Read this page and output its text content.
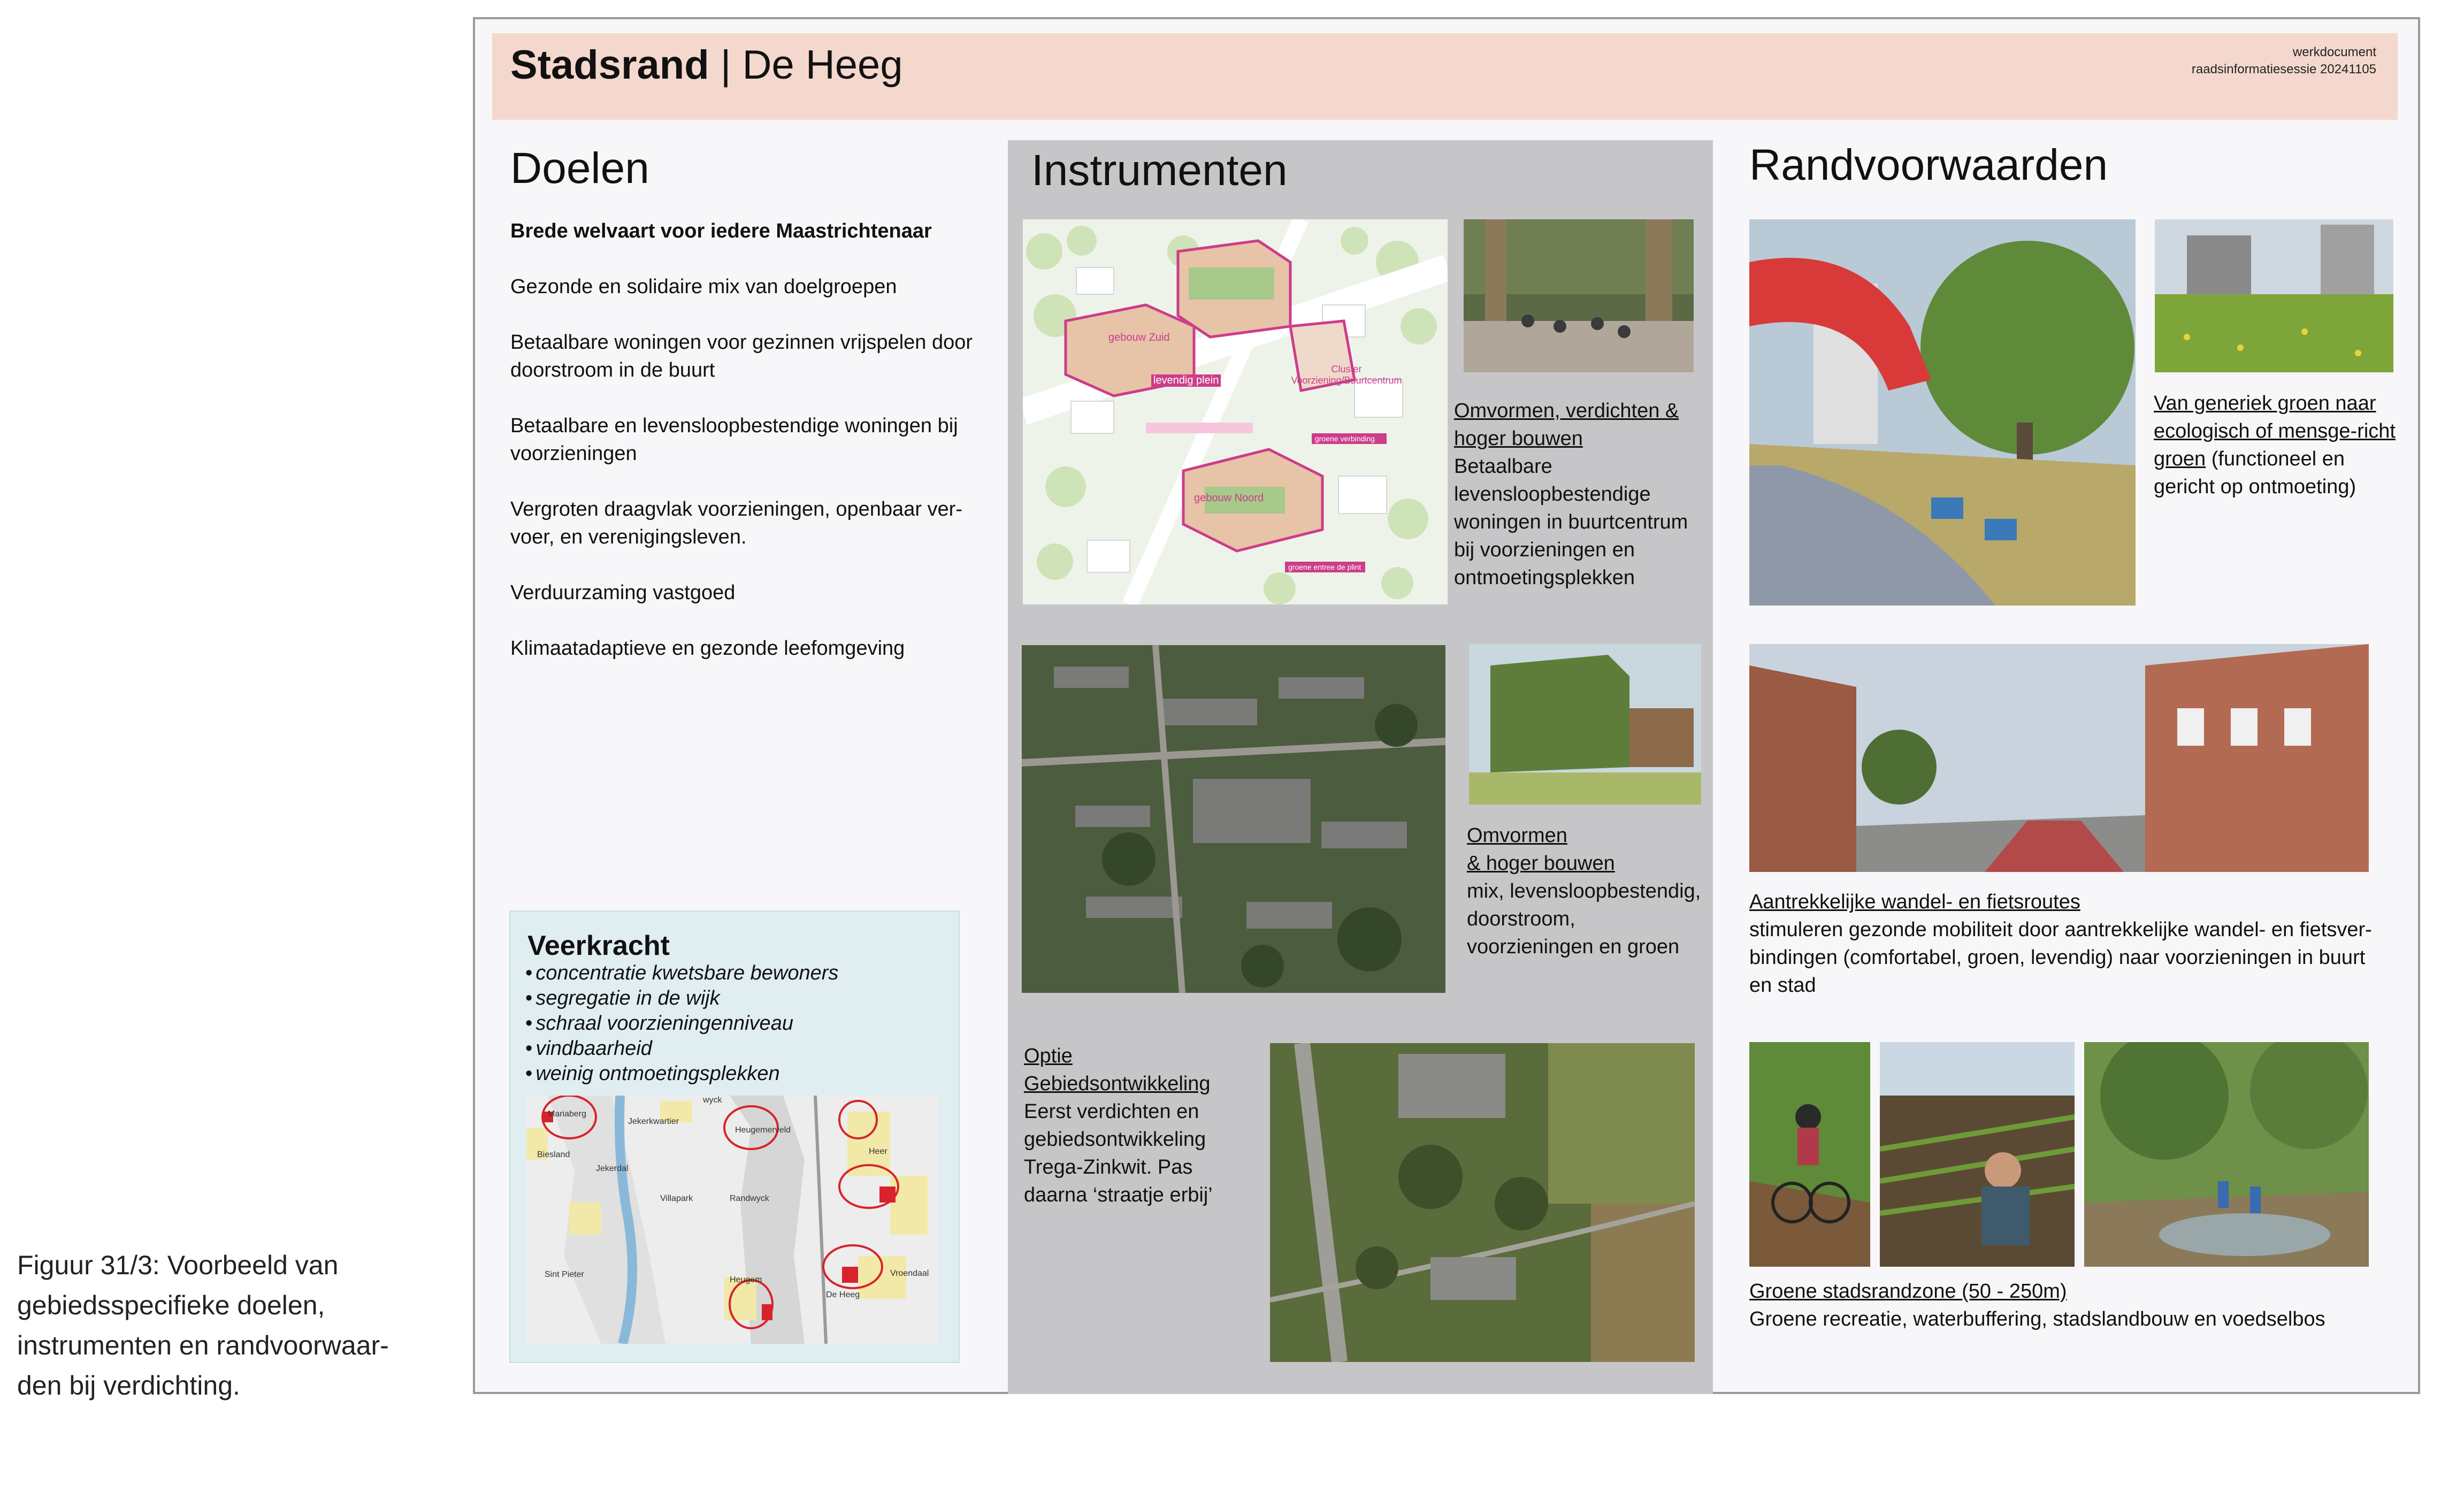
Figuur 31/3: Voorbeeld van gebiedsspecifieke doelen, instrumenten en randvoorwaar-den bij verdichting.
werkdocument
raadsinformatiesessie 20241105
Stadsrand | De Heeg
Doelen
Brede welvaart voor iedere Maastrichtenaar
Gezonde en solidaire mix van doelgroepen
Betaalbare woningen voor gezinnen vrijspelen door doorstroom in de buurt
Betaalbare en levensloopbestendige woningen bij voorzieningen
Vergroten draagvlak voorzieningen, openbaar ver-voer, en verenigingsleven.
Verduurzaming vastgoed
Klimaatadaptieve en gezonde leefomgeving
Veerkracht
• concentratie kwetsbare bewoners
• segregatie in de wijk
• schraal voorzieningenniveau
• vindbaarheid
• weinig ontmoetingsplekken
Mariaberg
Jekerkwartier
Heugemerveld
Heer
Biesland
Jekerdal
Randwyck
Villapark
Sint Pieter
Heugem
De Heeg
Vroendaal
wyck
Instrumenten
gebouw Zuid
levendig plein
Cluster Voorziening/Buurtcentrum
gebouw Noord
groene verbinding
groene entree de plint
Omvormen, verdichten & hoger bouwen
Betaalbare levensloopbestendige woningen in buurtcentrum bij voorzieningen en ontmoetingsplekken
Omvormen
& hoger bouwen
mix, levensloopbestendig, doorstroom, voorzieningen en groen
Optie
Gebiedsontwikkeling
Eerst verdichten en gebiedsontwikkeling Trega-Zinkwit. Pas daarna ‘straatje erbij’
Randvoorwaarden
Van generiek groen naar ecologisch of mensge-richt groen (functioneel en gericht op ontmoeting)
Aantrekkelijke wandel- en fietsroutes
stimuleren gezonde mobiliteit door aantrekkelijke wandel- en fietsver-bindingen (comfortabel, groen, levendig) naar voorzieningen in buurt en stad
Groene stadsrandzone (50 - 250m)
Groene recreatie, waterbuffering, stadslandbouw en voedselbos
